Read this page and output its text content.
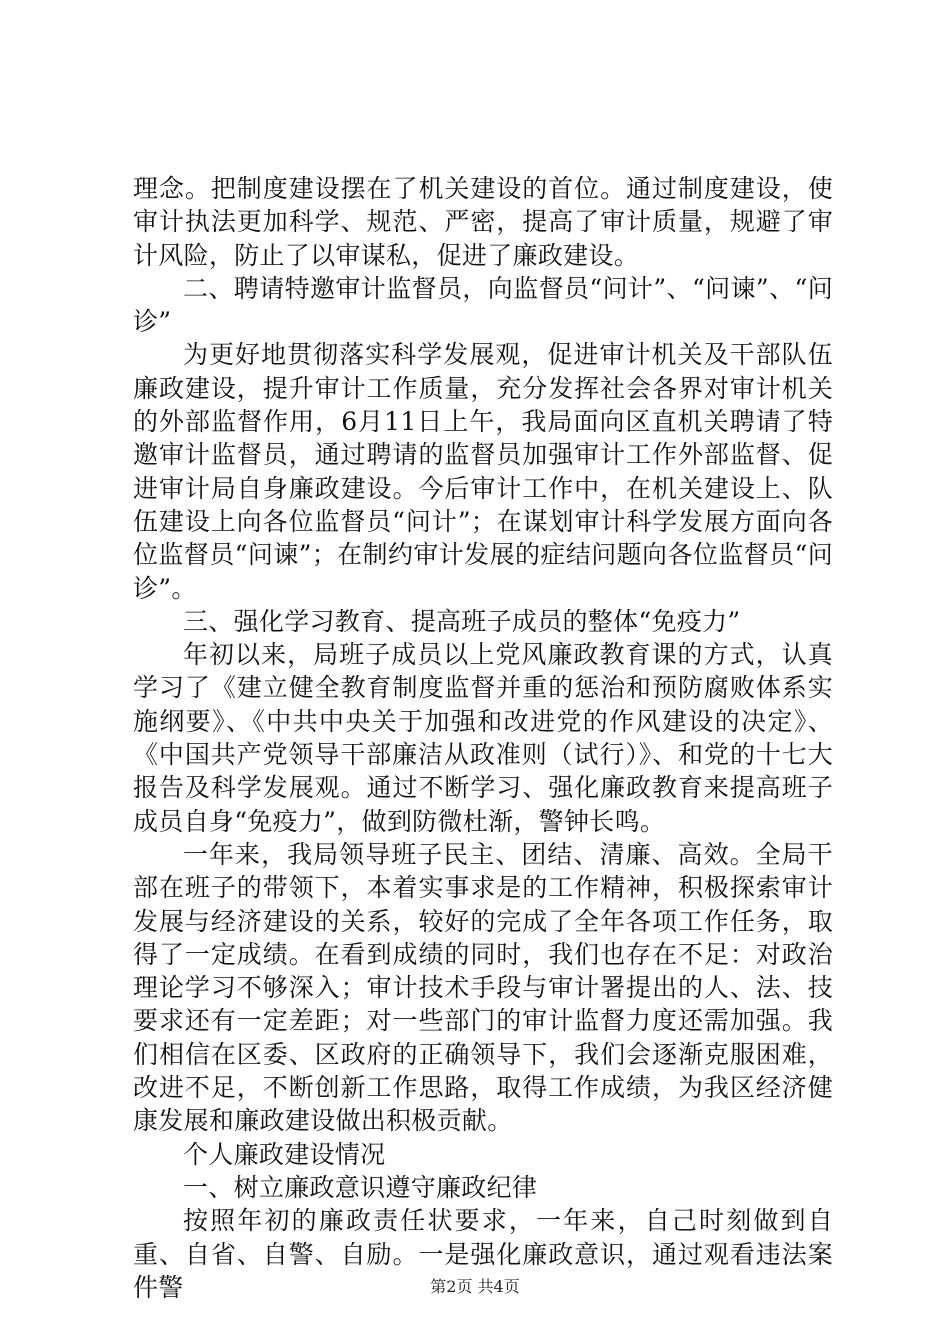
理念。把制度建设摆在了机关建设的首位。通过制度建设，使审计执法更加科学、规范、严密，提高了审计质量，规避了审计风险，防止了以审谋私，促进了廉政建设。

二、聘请特邀审计监督员，向监督员“问计”、“问谏”、“问诊”

为更好地贯彻落实科学发展观，促进审计机关及干部队伍廉政建设，提升审计工作质量，充分发挥社会各界对审计机关的外部监督作用，6月11日上午，我局面向区直机关聘请了特邀审计监督员，通过聘请的监督员加强审计工作外部监督、促进审计局自身廉政建设。今后审计工作中，在机关建设上、队伍建设上向各位监督员“问计”；在谋划审计科学发展方面向各位监督员“问谏”；在制约审计发展的症结问题向各位监督员“问诊”。

三、强化学习教育、提高班子成员的整体“免疫力”

年初以来，局班子成员以上党风廉政教育课的方式，认真学习了《建立健全教育制度监督并重的惩治和预防腐败体系实施纲要》、《中共中央关于加强和改进党的作风建设的决定》、《中国共产党领导干部廉洁从政准则（试行）》、和党的十七大报告及科学发展观。通过不断学习、强化廉政教育来提高班子成员自身“免疫力”，做到防微杜渐，警钟长鸣。

一年来，我局领导班子民主、团结、清廉、高效。全局干部在班子的带领下，本着实事求是的工作精神，积极探索审计发展与经济建设的关系，较好的完成了全年各项工作任务，取得了一定成绩。在看到成绩的同时，我们也存在不足：对政治理论学习不够深入；审计技术手段与审计署提出的人、法、技要求还有一定差距；对一些部门的审计监督力度还需加强。我们相信在区委、区政府的正确领导下，我们会逐渐克服困难，改进不足，不断创新工作思路，取得工作成绩，为我区经济健康发展和廉政建设做出积极贡献。

个人廉政建设情况

一、树立廉政意识遵守廉政纪律

按照年初的廉政责任状要求，一年来，自己时刻做到自重、自省、自警、自励。一是强化廉政意识，通过观看违法案件警	第2页 共4页
